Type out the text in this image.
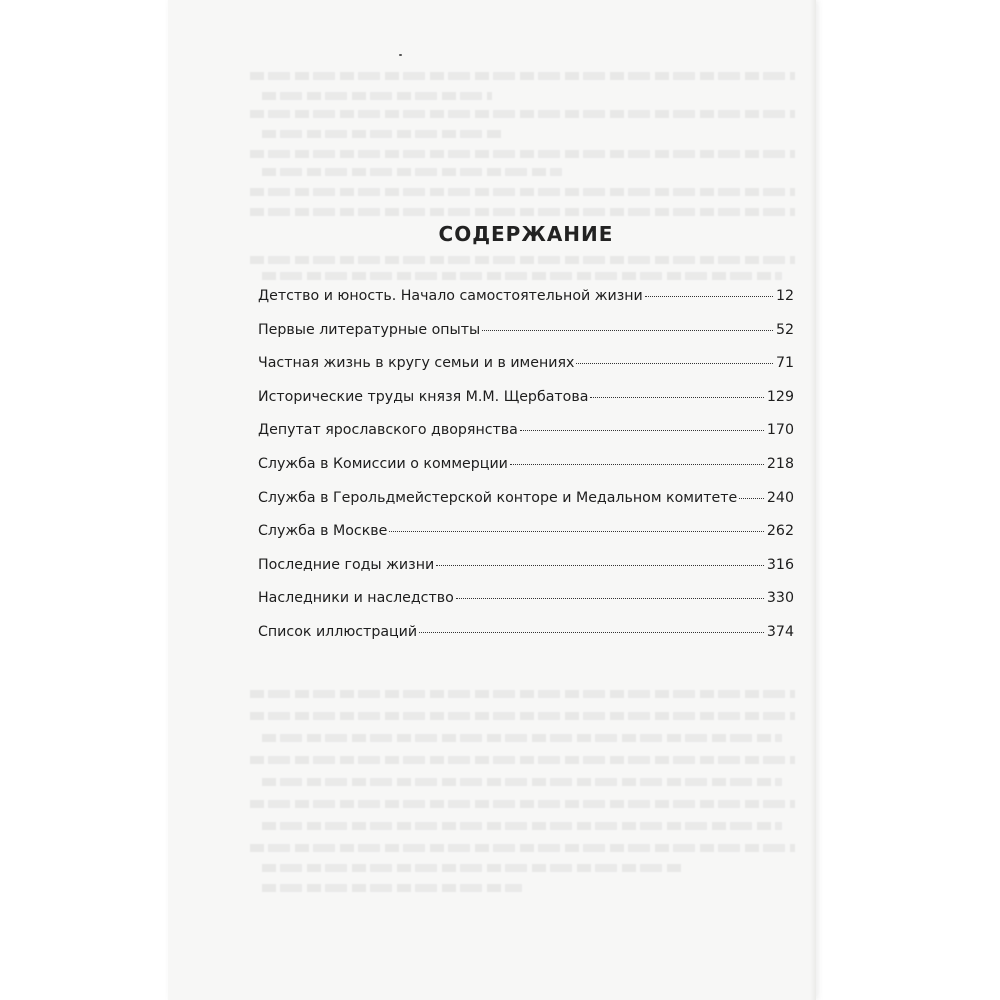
СОДЕРЖАНИЕ
Детство и юность. Начало самостоятельной жизни	12
Первые литературные опыты	52
Частная жизнь в кругу семьи и в имениях	71
Исторические труды князя М.М. Щербатова	129
Депутат ярославского дворянства	170
Служба в Комиссии о коммерции	218
Служба в Герольдмейстерской конторе и Медальном комитете 240
Служба в Москве	262
Последние годы жизни	316
Наследники и наследство	330
Список иллюстраций	374
